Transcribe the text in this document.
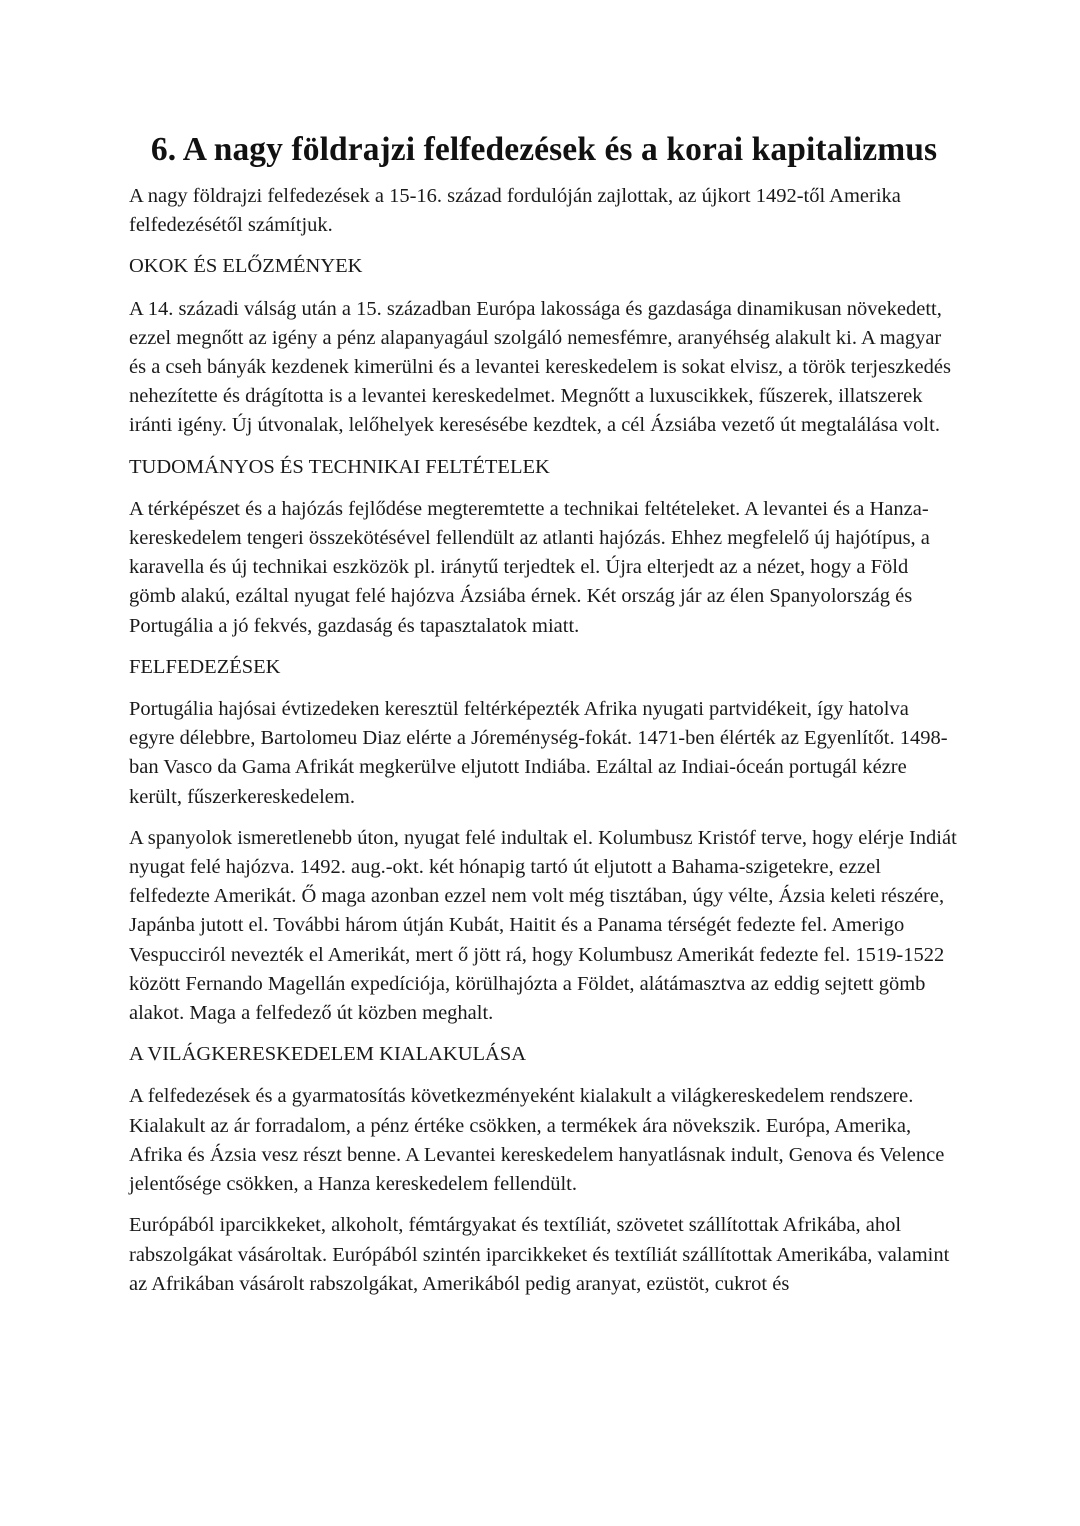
6. A nagy földrajzi felfedezések és a korai kapitalizmus

A nagy földrajzi felfedezések a 15-16. század fordulóján zajlottak, az újkort 1492-től Amerika felfedezésétől számítjuk.

OKOK ÉS ELŐZMÉNYEK

A 14. századi válság után a 15. században Európa lakossága és gazdasága dinamikusan növekedett, ezzel megnőtt az igény a pénz alapanyagául szolgáló nemesfémre, aranyéhség alakult ki. A magyar és a cseh bányák kezdenek kimerülni és a levantei kereskedelem is sokat elvisz, a török terjeszkedés nehezítette és drágította is a levantei kereskedelmet. Megnőtt a luxuscikkek, fűszerek, illatszerek iránti igény. Új útvonalak, lelőhelyek keresésébe kezdtek, a cél Ázsiába vezető út megtalálása volt.

TUDOMÁNYOS ÉS TECHNIKAI FELTÉTELEK

A térképészet és a hajózás fejlődése megteremtette a technikai feltételeket. A levantei és a Hanza-kereskedelem tengeri összekötésével fellendült az atlanti hajózás. Ehhez megfelelő új hajótípus, a karavella és új technikai eszközök pl. iránytű terjedtek el. Újra elterjedt az a nézet, hogy a Föld gömb alakú, ezáltal nyugat felé hajózva Ázsiába érnek. Két ország jár az élen Spanyolország és Portugália a jó fekvés, gazdaság és tapasztalatok miatt.

FELFEDEZÉSEK

Portugália hajósai évtizedeken keresztül feltérképezték Afrika nyugati partvidékeit, így hatolva egyre délebbre, Bartolomeu Diaz elérte a Jóreménység-fokát. 1471-ben élérték az Egyenlítőt. 1498-ban Vasco da Gama Afrikát megkerülve eljutott Indiába. Ezáltal az Indiai-óceán portugál kézre került, fűszerkereskedelem.

A spanyolok ismeretlenebb úton, nyugat felé indultak el. Kolumbusz Kristóf terve, hogy elérje Indiát nyugat felé hajózva. 1492. aug.-okt. két hónapig tartó út eljutott a Bahama-szigetekre, ezzel felfedezte Amerikát. Ő maga azonban ezzel nem volt még tisztában, úgy vélte, Ázsia keleti részére, Japánba jutott el. További három útján Kubát, Haitit és a Panama térségét fedezte fel. Amerigo Vespucciról nevezték el Amerikát, mert ő jött rá, hogy Kolumbusz Amerikát fedezte fel. 1519-1522 között Fernando Magellán expedíciója, körülhajózta a Földet, alátámasztva az eddig sejtett gömb alakot. Maga a felfedező út közben meghalt.

A VILÁGKERESKEDELEM KIALAKULÁSA

A felfedezések és a gyarmatosítás következményeként kialakult a világkereskedelem rendszere. Kialakult az ár forradalom, a pénz értéke csökken, a termékek ára növekszik. Európa, Amerika, Afrika és Ázsia vesz részt benne. A Levantei kereskedelem hanyatlásnak indult, Genova és Velence jelentősége csökken, a Hanza kereskedelem fellendült.

Európából iparcikkeket, alkoholt, fémtárgyakat és textíliát, szövetet szállítottak Afrikába, ahol rabszolgákat vásároltak. Európából szintén iparcikkeket és textíliát szállítottak Amerikába, valamint az Afrikában vásárolt rabszolgákat, Amerikából pedig aranyat, ezüstöt, cukrot és
